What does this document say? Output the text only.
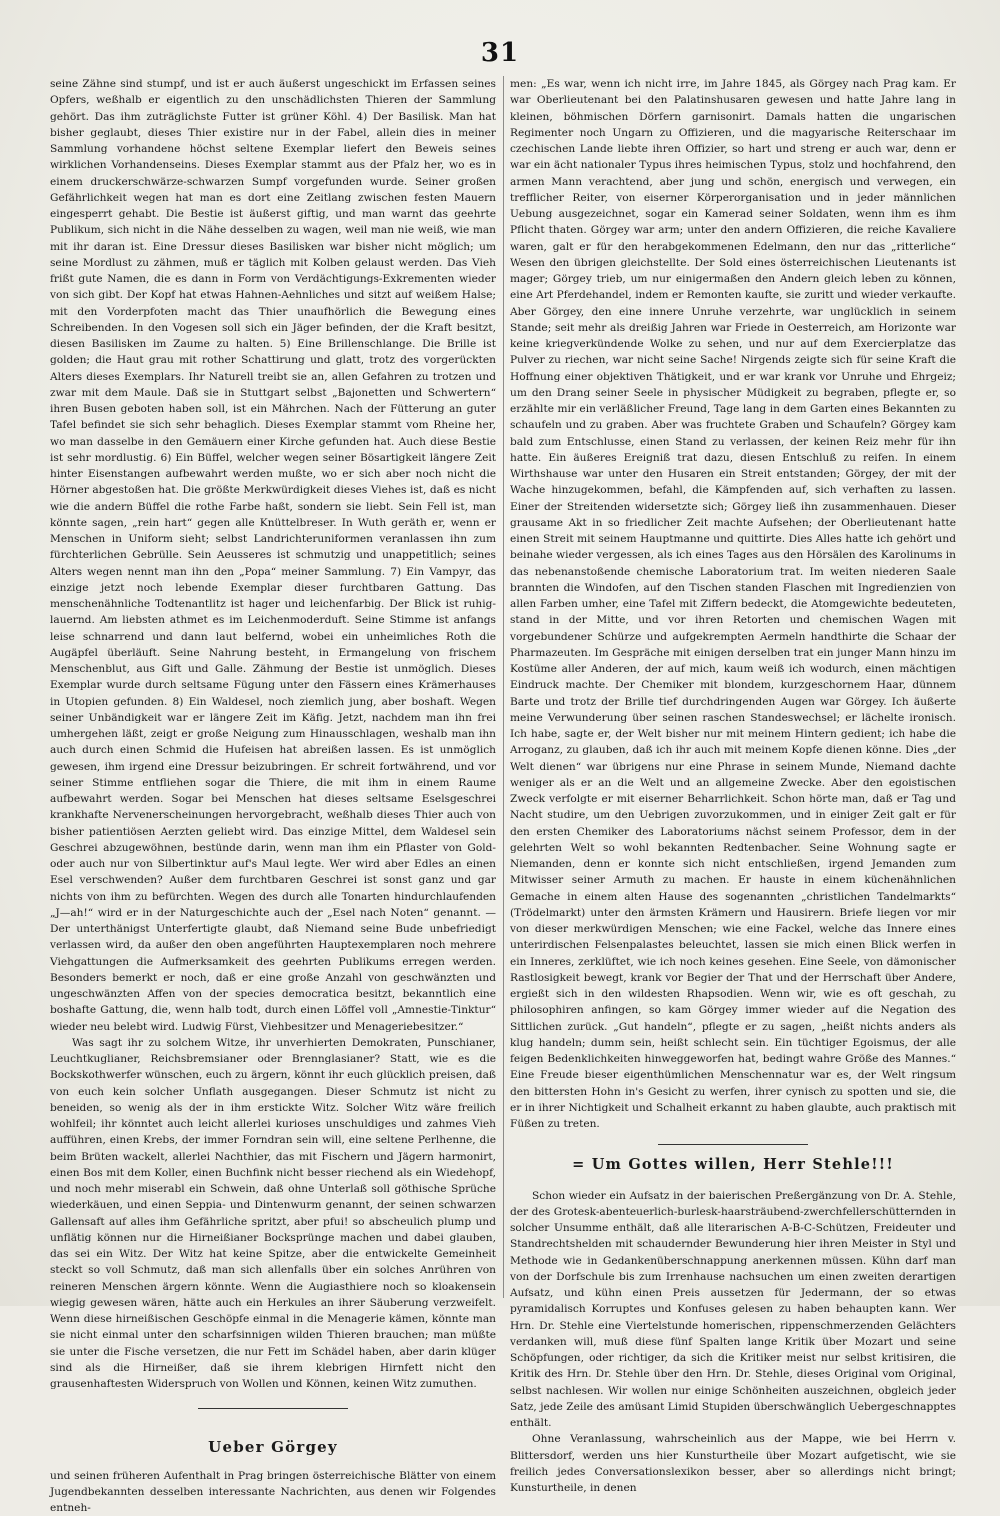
31

seine Zähne sind stumpf, und ist er auch äußerst ungeschickt im Erfassen seines Opfers, weßhalb er eigentlich zu den unschädlichsten Thieren der Sammlung gehört. Das ihm zuträglichste Futter ist grüner Köhl. 4) Der Basilisk. Man hat bisher geglaubt, dieses Thier existire nur in der Fabel, allein dies in meiner Sammlung vorhandene höchst seltene Exemplar liefert den Beweis seines wirklichen Vorhandenseins. Dieses Exemplar stammt aus der Pfalz her, wo es in einem druckerschwärze-schwarzen Sumpf vorgefunden wurde. Seiner großen Gefährlichkeit wegen hat man es dort eine Zeitlang zwischen festen Mauern eingesperrt gehabt. Die Bestie ist äußerst giftig, und man warnt das geehrte Publikum, sich nicht in die Nähe desselben zu wagen, weil man nie weiß, wie man mit ihr daran ist. Eine Dressur dieses Basilisken war bisher nicht möglich; um seine Mordlust zu zähmen, muß er täglich mit Kolben gelaust werden. Das Vieh frißt gute Namen, die es dann in Form von Verdächtigungs-Exkrementen wieder von sich gibt. Der Kopf hat etwas Hahnen-Aehnliches und sitzt auf weißem Halse; mit den Vorderpfoten macht das Thier unaufhörlich die Bewegung eines Schreibenden. In den Vogesen soll sich ein Jäger befinden, der die Kraft besitzt, diesen Basilisken im Zaume zu halten. 5) Eine Brillenschlange. Die Brille ist golden; die Haut grau mit rother Schattirung und glatt, trotz des vorgerückten Alters dieses Exemplars. Ihr Naturell treibt sie an, allen Gefahren zu trotzen und zwar mit dem Maule. Daß sie in Stuttgart selbst „Bajonetten und Schwertern“ ihren Busen geboten haben soll, ist ein Mährchen. Nach der Fütterung an guter Tafel befindet sie sich sehr behaglich. Dieses Exemplar stammt vom Rheine her, wo man dasselbe in den Gemäuern einer Kirche gefunden hat. Auch diese Bestie ist sehr mordlustig. 6) Ein Büffel, welcher wegen seiner Bösartigkeit längere Zeit hinter Eisenstangen aufbewahrt werden mußte, wo er sich aber noch nicht die Hörner abgestoßen hat. Die größte Merkwürdigkeit dieses Viehes ist, daß es nicht wie die andern Büffel die rothe Farbe haßt, sondern sie liebt. Sein Fell ist, man könnte sagen, „rein hart“ gegen alle Knüttelbreser. In Wuth geräth er, wenn er Menschen in Uniform sieht; selbst Landrichteruniformen veranlassen ihn zum fürchterlichen Gebrülle. Sein Aeusseres ist schmutzig und unappetitlich; seines Alters wegen nennt man ihn den „Popa“ meiner Sammlung. 7) Ein Vampyr, das einzige jetzt noch lebende Exemplar dieser furchtbaren Gattung. Das menschenähnliche Todtenantlitz ist hager und leichenfarbig. Der Blick ist ruhig-lauernd. Am liebsten athmet es im Leichenmoderduft. Seine Stimme ist anfangs leise schnarrend und dann laut belfernd, wobei ein unheimliches Roth die Augäpfel überläuft. Seine Nahrung besteht, in Ermangelung von frischem Menschenblut, aus Gift und Galle. Zähmung der Bestie ist unmöglich. Dieses Exemplar wurde durch seltsame Fügung unter den Fässern eines Krämerhauses in Utopien gefunden. 8) Ein Waldesel, noch ziemlich jung, aber boshaft. Wegen seiner Unbändigkeit war er längere Zeit im Käfig. Jetzt, nachdem man ihn frei umhergehen läßt, zeigt er große Neigung zum Hinausschlagen, weshalb man ihn auch durch einen Schmid die Hufeisen hat abreißen lassen. Es ist unmöglich gewesen, ihm irgend eine Dressur beizubringen. Er schreit fortwährend, und vor seiner Stimme entfliehen sogar die Thiere, die mit ihm in einem Raume aufbewahrt werden. Sogar bei Menschen hat dieses seltsame Eselsgeschrei krankhafte Nervenerscheinungen hervorgebracht, weßhalb dieses Thier auch von bisher patientiösen Aerzten geliebt wird. Das einzige Mittel, dem Waldesel sein Geschrei abzugewöhnen, bestünde darin, wenn man ihm ein Pflaster von Gold- oder auch nur von Silbertinktur auf's Maul legte. Wer wird aber Edles an einen Esel verschwenden? Außer dem furchtbaren Geschrei ist sonst ganz und gar nichts von ihm zu befürchten. Wegen des durch alle Tonarten hindurchlaufenden „J—ah!“ wird er in der Naturgeschichte auch der „Esel nach Noten“ genannt. — Der unterthänigst Unterfertigte glaubt, daß Niemand seine Bude unbefriedigt verlassen wird, da außer den oben angeführten Hauptexemplaren noch mehrere Viehgattungen die Aufmerksamkeit des geehrten Publikums erregen werden. Besonders bemerkt er noch, daß er eine große Anzahl von geschwänzten und ungeschwänzten Affen von der species democratica besitzt, bekanntlich eine boshafte Gattung, die, wenn halb todt, durch einen Löffel voll „Amnestie-Tinktur“ wieder neu belebt wird. Ludwig Fürst, Viehbesitzer und Menageriebesitzer.“

Was sagt ihr zu solchem Witze, ihr unverhierten Demokraten, Punschianer, Leuchtkuglianer, Reichsbremsianer oder Brennglasianer? Statt, wie es die Bockskothwerfer wünschen, euch zu ärgern, könnt ihr euch glücklich preisen, daß von euch kein solcher Unflath ausgegangen. Dieser Schmutz ist nicht zu beneiden, so wenig als der in ihm erstickte Witz. Solcher Witz wäre freilich wohlfeil; ihr könntet auch leicht allerlei kurioses unschuldiges und zahmes Vieh aufführen, einen Krebs, der immer Forndran sein will, eine seltene Perlhenne, die beim Brüten wackelt, allerlei Nachthier, das mit Fischern und Jägern harmonirt, einen Bos mit dem Koller, einen Buchfink nicht besser riechend als ein Wiedehopf, und noch mehr miserabl ein Schwein, daß ohne Unterlaß soll göthische Sprüche wiederkäuen, und einen Seppia- und Dintenwurm genannt, der seinen schwarzen Gallensaft auf alles ihm Gefährliche spritzt, aber pfui! so abscheulich plump und unflätig können nur die Hirneißianer Bocksprünge machen und dabei glauben, das sei ein Witz. Der Witz hat keine Spitze, aber die entwickelte Gemeinheit steckt so voll Schmutz, daß man sich allenfalls über ein solches Anrühren von reineren Menschen ärgern könnte. Wenn die Augiasthiere noch so kloakensein wiegig gewesen wären, hätte auch ein Herkules an ihrer Säuberung verzweifelt. Wenn diese hirneißischen Geschöpfe einmal in die Menagerie kämen, könnte man sie nicht einmal unter den scharfsinnigen wilden Thieren brauchen; man müßte sie unter die Fische versetzen, die nur Fett im Schädel haben, aber darin klüger sind als die Hirneißer, daß sie ihrem klebrigen Hirnfett nicht den grausenhaftesten Widerspruch von Wollen und Können, keinen Witz zumuthen.

Ueber Görgey

und seinen früheren Aufenthalt in Prag bringen österreichische Blätter von einem Jugendbekannten desselben interessante Nachrichten, aus denen wir Folgendes entneh-

men: „Es war, wenn ich nicht irre, im Jahre 1845, als Görgey nach Prag kam. Er war Oberlieutenant bei den Palatinshusaren gewesen und hatte Jahre lang in kleinen, böhmischen Dörfern garnisonirt. Damals hatten die ungarischen Regimenter noch Ungarn zu Offizieren, und die magyarische Reiterschaar im czechischen Lande liebte ihren Offizier, so hart und streng er auch war, denn er war ein ächt nationaler Typus ihres heimischen Typus, stolz und hochfahrend, den armen Mann verachtend, aber jung und schön, energisch und verwegen, ein trefflicher Reiter, von eiserner Körperorganisation und in jeder männlichen Uebung ausgezeichnet, sogar ein Kamerad seiner Soldaten, wenn ihm es ihm Pflicht thaten. Görgey war arm; unter den andern Offizieren, die reiche Kavaliere waren, galt er für den herabgekommenen Edelmann, den nur das „ritterliche“ Wesen den übrigen gleichstellte. Der Sold eines österreichischen Lieutenants ist mager; Görgey trieb, um nur einigermaßen den Andern gleich leben zu können, eine Art Pferdehandel, indem er Remonten kaufte, sie zuritt und wieder verkaufte. Aber Görgey, den eine innere Unruhe verzehrte, war unglücklich in seinem Stande; seit mehr als dreißig Jahren war Friede in Oesterreich, am Horizonte war keine kriegverkündende Wolke zu sehen, und nur auf dem Exercierplatze das Pulver zu riechen, war nicht seine Sache! Nirgends zeigte sich für seine Kraft die Hoffnung einer objektiven Thätigkeit, und er war krank vor Unruhe und Ehrgeiz; um den Drang seiner Seele in physischer Müdigkeit zu begraben, pflegte er, so erzählte mir ein verläßlicher Freund, Tage lang in dem Garten eines Bekannten zu schaufeln und zu graben. Aber was fruchtete Graben und Schaufeln? Görgey kam bald zum Entschlusse, einen Stand zu verlassen, der keinen Reiz mehr für ihn hatte. Ein äußeres Ereigniß trat dazu, diesen Entschluß zu reifen. In einem Wirthshause war unter den Husaren ein Streit entstanden; Görgey, der mit der Wache hinzugekommen, befahl, die Kämpfenden auf, sich verhaften zu lassen. Einer der Streitenden widersetzte sich; Görgey ließ ihn zusammenhauen. Dieser grausame Akt in so friedlicher Zeit machte Aufsehen; der Oberlieutenant hatte einen Streit mit seinem Hauptmanne und quittirte. Dies Alles hatte ich gehört und beinahe wieder vergessen, als ich eines Tages aus den Hörsälen des Karolinums in das nebenanstoßende chemische Laboratorium trat. Im weiten niederen Saale brannten die Windofen, auf den Tischen standen Flaschen mit Ingredienzien von allen Farben umher, eine Tafel mit Ziffern bedeckt, die Atomgewichte bedeuteten, stand in der Mitte, und vor ihren Retorten und chemischen Wagen mit vorgebundener Schürze und aufgekrempten Aermeln handthirte die Schaar der Pharmazeuten. Im Gespräche mit einigen derselben trat ein junger Mann hinzu im Kostüme aller Anderen, der auf mich, kaum weiß ich wodurch, einen mächtigen Eindruck machte. Der Chemiker mit blondem, kurzgeschornem Haar, dünnem Barte und trotz der Brille tief durchdringenden Augen war Görgey. Ich äußerte meine Verwunderung über seinen raschen Standeswechsel; er lächelte ironisch. Ich habe, sagte er, der Welt bisher nur mit meinem Hintern gedient; ich habe die Arroganz, zu glauben, daß ich ihr auch mit meinem Kopfe dienen könne. Dies „der Welt dienen“ war übrigens nur eine Phrase in seinem Munde, Niemand dachte weniger als er an die Welt und an allgemeine Zwecke. Aber den egoistischen Zweck verfolgte er mit eiserner Beharrlichkeit. Schon hörte man, daß er Tag und Nacht studire, um den Uebrigen zuvorzukommen, und in einiger Zeit galt er für den ersten Chemiker des Laboratoriums nächst seinem Professor, dem in der gelehrten Welt so wohl bekannten Redtenbacher. Seine Wohnung sagte er Niemanden, denn er konnte sich nicht entschließen, irgend Jemanden zum Mitwisser seiner Armuth zu machen. Er hauste in einem küchenähnlichen Gemache in einem alten Hause des sogenannten „christlichen Tandelmarkts“ (Trödelmarkt) unter den ärmsten Krämern und Hausirern. Briefe liegen vor mir von dieser merkwürdigen Menschen; wie eine Fackel, welche das Innere eines unterirdischen Felsenpalastes beleuchtet, lassen sie mich einen Blick werfen in ein Inneres, zerklüftet, wie ich noch keines gesehen. Eine Seele, von dämonischer Rastlosigkeit bewegt, krank vor Begier der That und der Herrschaft über Andere, ergießt sich in den wildesten Rhapsodien. Wenn wir, wie es oft geschah, zu philosophiren anfingen, so kam Görgey immer wieder auf die Negation des Sittlichen zurück. „Gut handeln“, pflegte er zu sagen, „heißt nichts anders als klug handeln; dumm sein, heißt schlecht sein. Ein tüchtiger Egoismus, der alle feigen Bedenklichkeiten hinweggeworfen hat, bedingt wahre Größe des Mannes.“ Eine Freude bieser eigenthümlichen Menschennatur war es, der Welt ringsum den bittersten Hohn in's Gesicht zu werfen, ihrer cynisch zu spotten und sie, die er in ihrer Nichtigkeit und Schalheit erkannt zu haben glaubte, auch praktisch mit Füßen zu treten.

= Um Gottes willen, Herr Stehle!!!

Schon wieder ein Aufsatz in der baierischen Preßergänzung von Dr. A. Stehle, der des Grotesk-abenteuerlich-burlesk-haarsträubend-zwerchfellerschütternden in solcher Unsumme enthält, daß alle literarischen A-B-C-Schützen, Freideuter und Standrechtshelden mit schaudernder Bewunderung hier ihren Meister in Styl und Methode wie in Gedankenüberschnappung anerkennen müssen. Kühn darf man von der Dorfschule bis zum Irrenhause nachsuchen um einen zweiten derartigen Aufsatz, und kühn einen Preis aussetzen für Jedermann, der so etwas pyramidalisch Korruptes und Konfuses gelesen zu haben behaupten kann. Wer Hrn. Dr. Stehle eine Viertelstunde homerischen, rippenschmerzenden Gelächters verdanken will, muß diese fünf Spalten lange Kritik über Mozart und seine Schöpfungen, oder richtiger, da sich die Kritiker meist nur selbst kritisiren, die Kritik des Hrn. Dr. Stehle über den Hrn. Dr. Stehle, dieses Original vom Original, selbst nachlesen. Wir wollen nur einige Schönheiten auszeichnen, obgleich jeder Satz, jede Zeile des amüsant Limid Stupiden überschwänglich Uebergeschnapptes enthält.

Ohne Veranlassung, wahrscheinlich aus der Mappe, wie bei Herrn v. Blittersdorf, werden uns hier Kunsturtheile über Mozart aufgetischt, wie sie freilich jedes Conversationslexikon besser, aber so allerdings nicht bringt; Kunsturtheile, in denen
